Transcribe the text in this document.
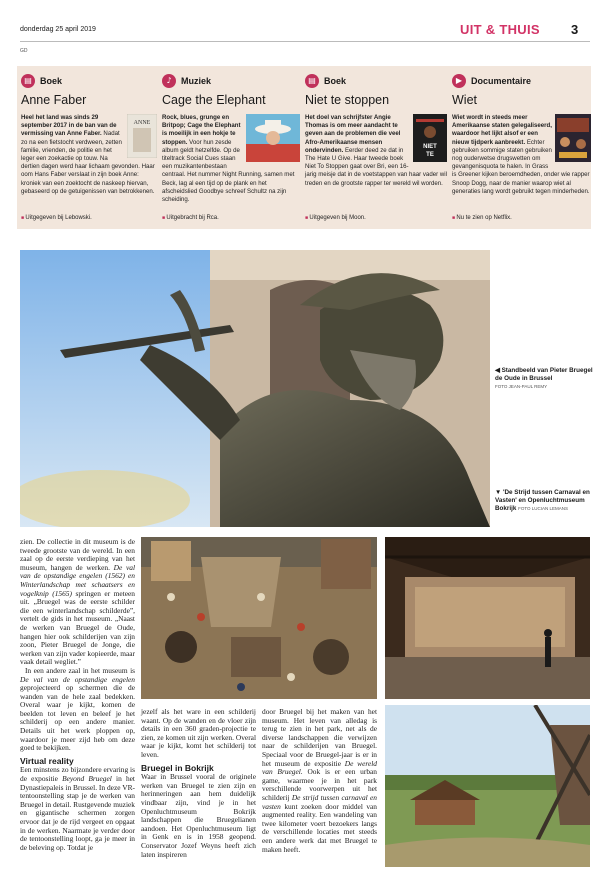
donderdag 25 april 2019	UIT & THUIS 3
GD
▤ Boek
Anne Faber
ANNE
Heel het land was sinds 29 september 2017 in de ban van de vermissing van Anne Faber. Nadat zo na een fietstocht verdween, zetten familie, vrienden, de politie en het leger een zoekactie op touw. Na dertien dagen werd haar lichaam gevonden. Haar oom Hans Faber verslaat in zijn boek Anne: kroniek van een zoektocht de naskeep hiervan, gebaseerd op de getuigenissen van betrokkenen.
■ Uitgegeven bij Lebowski.
♪	Muziek
Cage the Elephant
Rock, blues, grunge en Britpop; Cage the Elephant is moeilijk in een hokje te stoppen. Voor hun zesde album geldt hetzelfde. Op de titeltrack Social Cues staan een muzikantenbestaan centraal. Het nummer Night Running, samen met Beck, lag al een tijd op de plank en het afscheidslied Goodbye schreef Schultz na zijn scheiding.
■ Uitgebracht bij Rca.
▤ Boek
Niet te stoppen
NIET
TE
Het doel van schrijfster Angie Thomas is om meer aandacht te geven aan de problemen die veel Afro-Amerikaanse mensen ondervinden. Eerder deed ze dat in The Hate U Give. Haar tweede boek Niet To Stoppen gaat over Bri, een 16-jarig meisje dat in de voetstappen van haar vader wil treden en de grootste rapper ter wereld wil worden.
■ Uitgegeven bij Moon.
▶ Documentaire
Wiet
Wiet wordt in steeds meer Amerikaanse staten gelegaliseerd, waardoor het lijkt alsof er een nieuw tijdperk aanbreekt. Echter gebruiken sommige staten gebruiken nog ouderwetse drugswetten om gevangenisquota te halen. In Grass is Greener kijken beroemdheden, onder wie rapper Snoop Dogg, naar de manier waarop wiet al generaties lang wordt gebruikt tegen minderheden.
■ Nu te zien op Netflix.
◀ Standbeeld van Pieter Bruegel de Oude in Brussel
FOTO JEAN-PAUL REMY
▼ 'De Strijd tussen Carnaval en Vasten' en Openluchtmuseum Bokrijk FOTO LUCIAN LEMANS
zien. De collectie in dit museum is de tweede grootste van de wereld. In een zaal op de eerste verdieping van het museum, hangen de werken. De val van de opstandige engelen (1562) en Winterlandschap met schaatsers en vogelknip (1565) springen er meteen uit. „Bruegel was de eerste schilder die een winterlandschap schilderde”, vertelt de gids in het museum. „Naast de werken van Bruegel de Oude, hangen hier ook schilderijen van zijn zoon, Pieter Bruegel de Jonge, die werken van zijn vader kopieerde, maar vaak detail wegliet.”
In een andere zaal in het museum is De val van de opstandige engelen geprojecteerd op schermen die de wanden van de hele zaal bedekken. Overal waar je kijkt, komen de beelden tot leven en beleef je het schilderij op een andere manier. Details uit het werk ploppen op, waardoor je meer zijd heb om deze goed te bekijken.
Virtual reality
Een minstens zo bijzondere ervaring is de expositie Beyond Bruegel in het Dynastiepaleis in Brussel. In deze VR-tentoonstelling stap je de werken van Bruegel in detail. Rustgevende muziek en gigantische schermen zorgen ervoor dat je de rijd vergeet en opgaat in de werken. Naarmate je verder door de tentoonstelling loopt, ga je meer in de beleving op. Totdat je
jezelf als het ware in een schilderij waant. Op de wanden en de vloer zijn details in een 360 graden-projectie te zien, ze komen uit zijn werken. Overal waar je kijkt, komt het schilderij tot leven.
Bruegel in Bokrijk
Waar in Brussel vooral de originele werken van Bruegel te zien zijn en herinneringen aan hem duidelijk vindbaar zijn, vind je in het Openluchtmuseum Bokrijk landschappen die Bruegelianen aandoen. Het Openluchtmuseum ligt in Genk en is in 1958 geopend. Conservator Jozef Weyns heeft zich laten inspireren
door Bruegel bij het maken van het museum. Het leven van alledag is terug te zien in het park, net als de diverse landschappen die verwijzen naar de schilderijen van Bruegel. Speciaal voor de Bruegel-jaar is er in het museum de expositie De wereld van Bruegel. Ook is er een urban game, waarmee je in het park verschillende voorwerpen uit het schilderij De strijd tussen carnaval en vasten kunt zoeken door middel van augmented reality. Een wandeling van twee kilometer voert bezoekers langs de verschillende locaties met steeds een andere werk dat met Bruegel te maken heeft.
